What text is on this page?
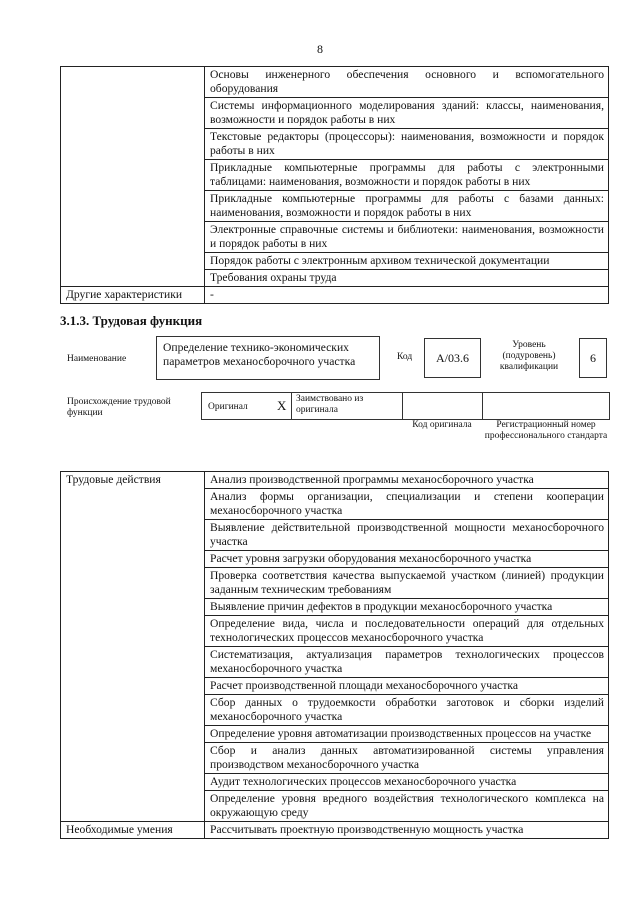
8
	Основы инженерного обеспечения основного и вспомогательного оборудования
	Системы информационного моделирования зданий: классы, наименования, возможности и порядок работы в них
	Текстовые редакторы (процессоры): наименования, возможности и порядок работы в них
	Прикладные компьютерные программы для работы с электронными таблицами: наименования, возможности и порядок работы в них
	Прикладные компьютерные программы для работы с базами данных: наименования, возможности и порядок работы в них
	Электронные справочные системы и библиотеки: наименования, возможности и порядок работы в них
	Порядок работы с электронным архивом технической документации
	Требования охраны труда
Другие характеристики	-
3.1.3. Трудовая функция
Наименование
Определение технико-экономических параметров механосборочного участка	Код	А/03.6
Уровень (подуровень) квалификации
6
Происхождение трудовой функции
Оригинал X Заимствовано из оригинала
Код оригинала	Регистрационный номер профессионального стандарта
Трудовые действия	Анализ производственной программы механосборочного участка
	Анализ формы организации, специализации и степени кооперации механосборочного участка
	Выявление действительной производственной мощности механосборочного участка
	Расчет уровня загрузки оборудования механосборочного участка
	Проверка соответствия качества выпускаемой участком (линией) продукции заданным техническим требованиям
	Выявление причин дефектов в продукции механосборочного участка
	Определение вида, числа и последовательности операций для отдельных технологических процессов механосборочного участка
	Систематизация, актуализация параметров технологических процессов механосборочного участка
	Расчет производственной площади механосборочного участка
	Сбор данных о трудоемкости обработки заготовок и сборки изделий механосборочного участка
	Определение уровня автоматизации производственных процессов на участке
	Сбор и анализ данных автоматизированной системы управления производством механосборочного участка
	Аудит технологических процессов механосборочного участка
	Определение уровня вредного воздействия технологического комплекса на окружающую среду
Необходимые умения	Рассчитывать проектную производственную мощность участка
